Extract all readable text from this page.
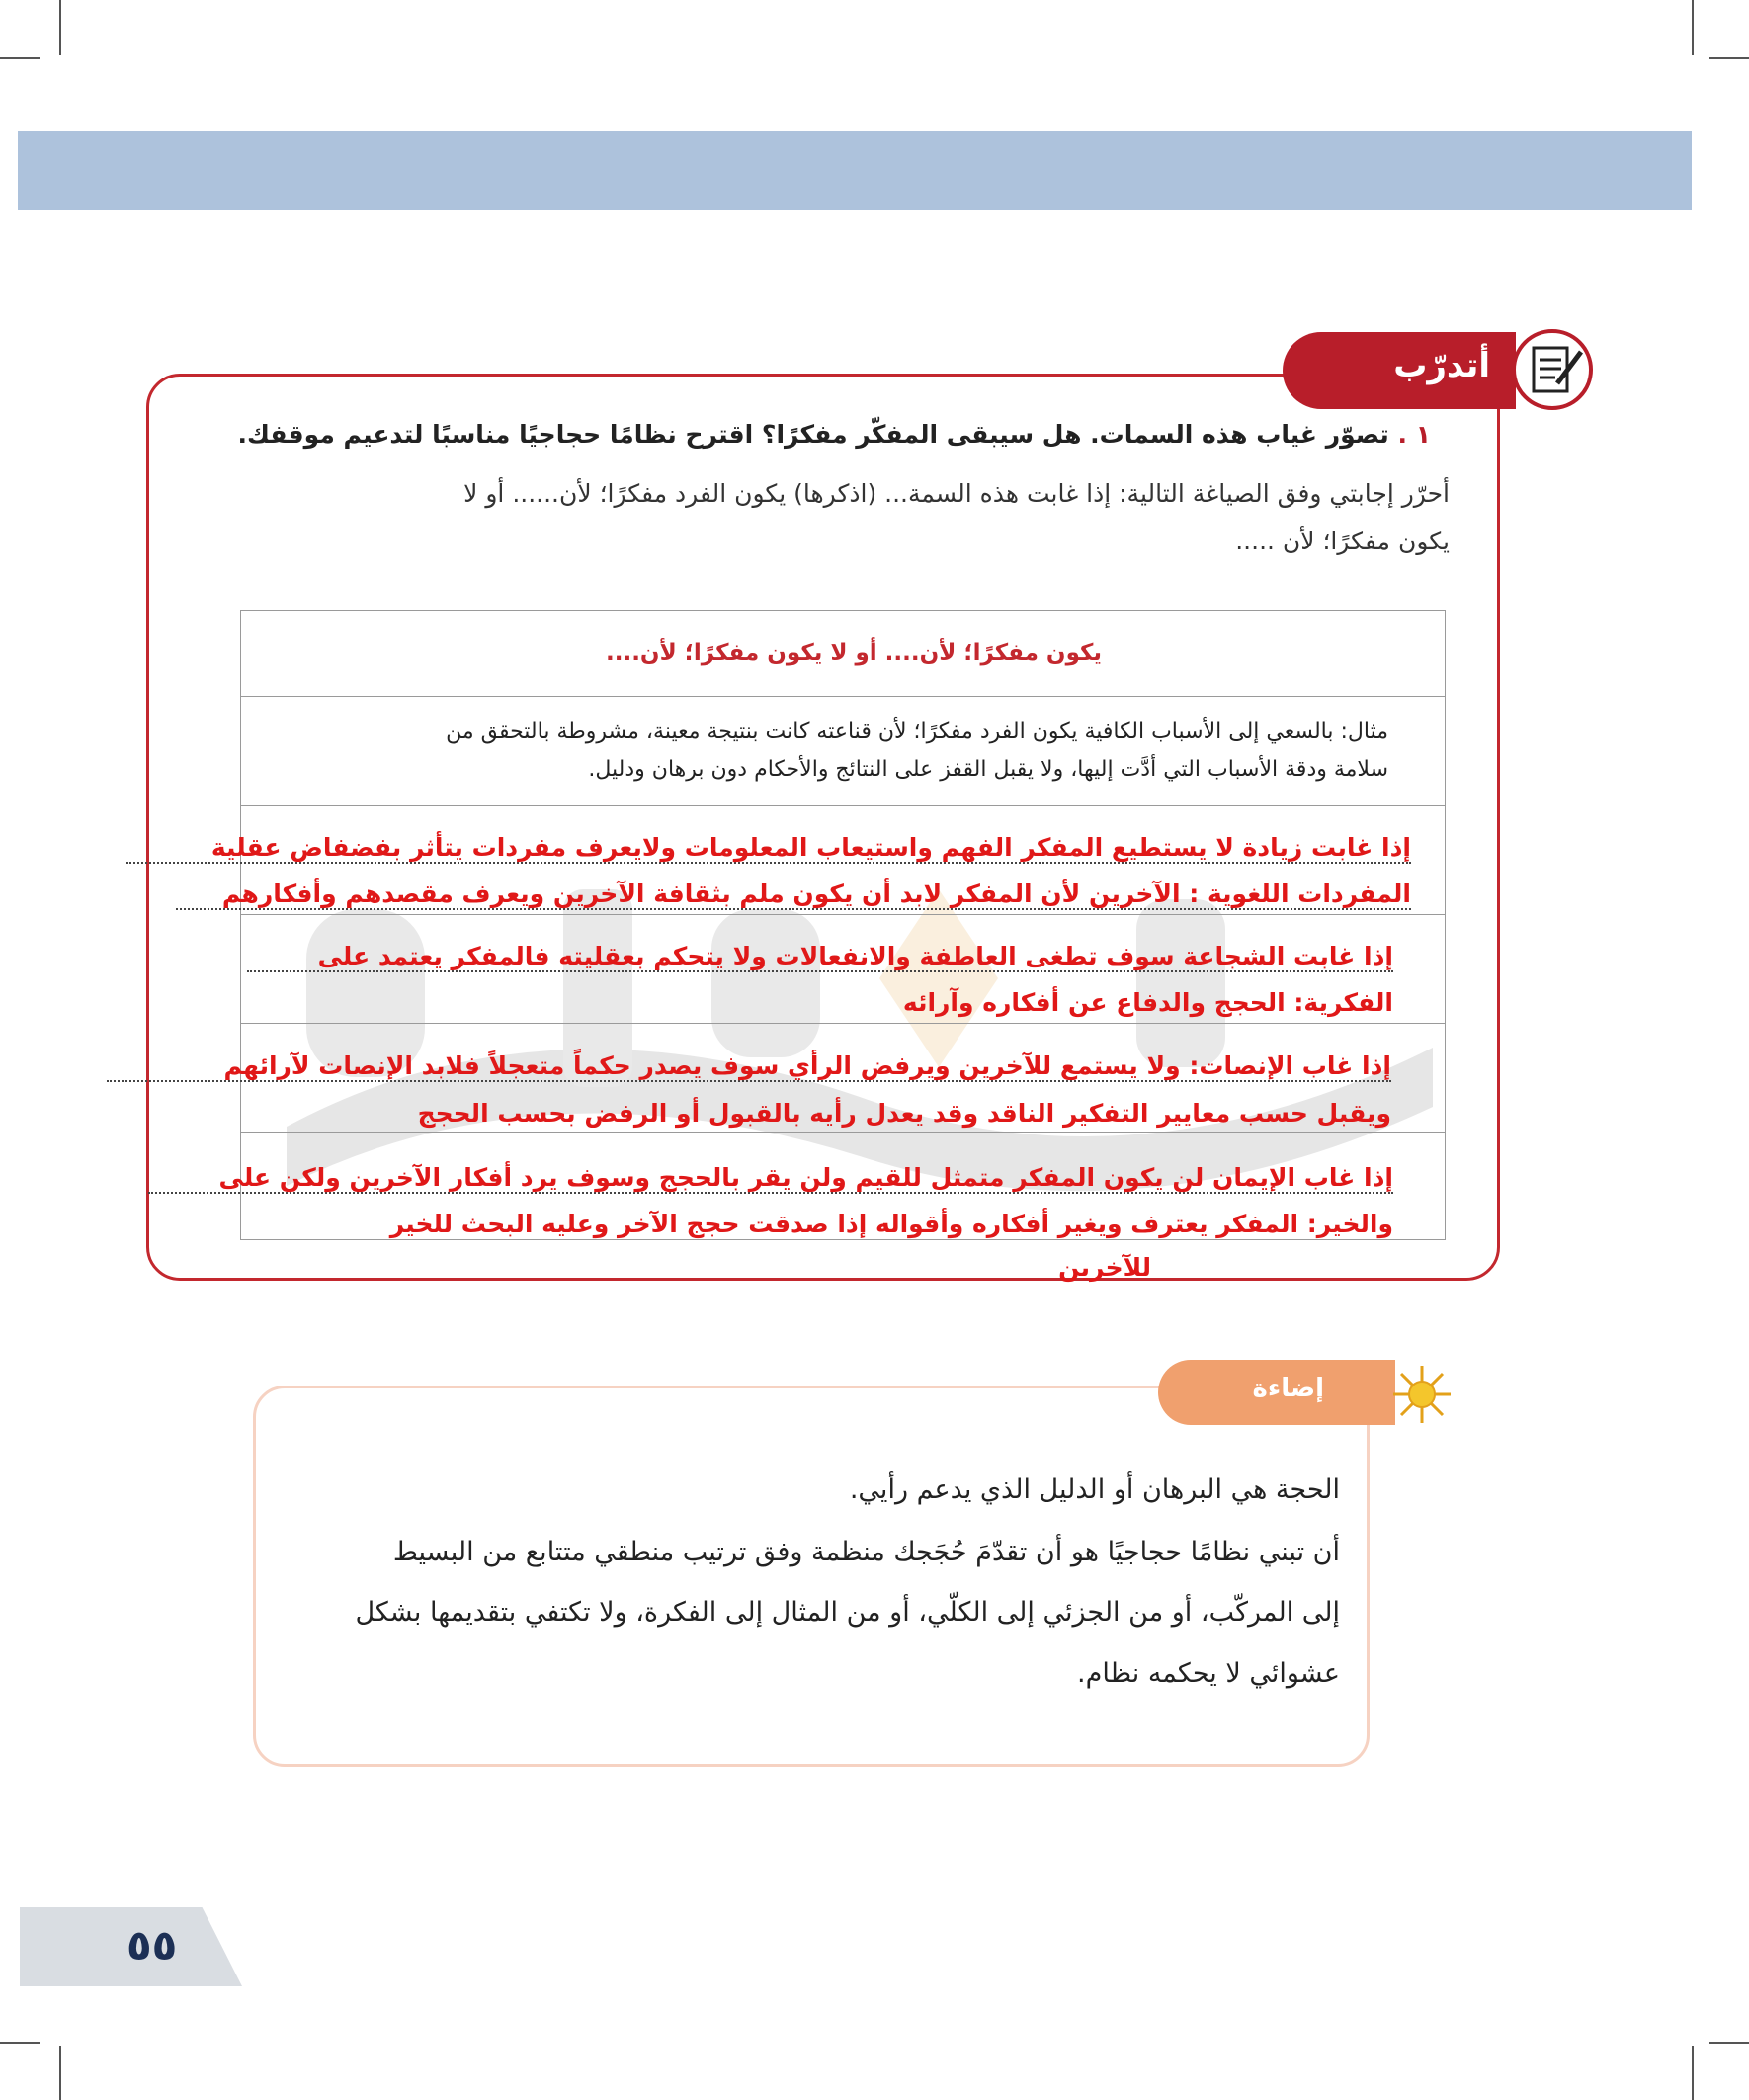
أتدرّب
١ . تصوّر غياب هذه السمات. هل سيبقى المفكّر مفكرًا؟ اقترح نظامًا حجاجيًا مناسبًا لتدعيم موقفك.
أحرّر إجابتي وفق الصياغة التالية: إذا غابت هذه السمة... (اذكرها) يكون الفرد مفكرًا؛ لأن...... أو لا
يكون مفكرًا؛ لأن .....
يكون مفكرًا؛ لأن.... أو لا يكون مفكرًا؛ لأن....
مثال: بالسعي إلى الأسباب الكافية يكون الفرد مفكرًا؛ لأن قناعته كانت بنتيجة معينة، مشروطة بالتحقق من
سلامة ودقة الأسباب التي أدَّت إليها، ولا يقبل القفز على النتائج والأحكام دون برهان ودليل.
إذا غابت زيادة لا يستطيع المفكر الفهم واستيعاب المعلومات ولايعرف مفردات يتأثر بفضفاض عقلية
المفردات اللغوية : الآخرين لأن المفكر لابد أن يكون ملم بثقافة الآخرين ويعرف مقصدهم وأفكارهم
إذا غابت الشجاعة سوف تطغى العاطفة والانفعالات ولا يتحكم بعقليته فالمفكر يعتمد على
الفكرية: الحجج والدفاع عن أفكاره وآرائه
إذا غاب الإنصات: ولا يستمع للآخرين ويرفض الرأي سوف يصدر حكماً متعجلاً فلابد الإنصات لآرائهم
ويقبل حسب معايير التفكير الناقد وقد يعدل رأيه بالقبول أو الرفض بحسب الحجج
إذا غاب الإيمان لن يكون المفكر متمثل للقيم ولن يقر بالحجج وسوف يرد أفكار الآخرين ولكن على
والخير: المفكر يعترف ويغير أفكاره وأقواله إذا صدقت حجج الآخر وعليه البحث للخير
للآخرين
إضاءة
الحجة هي البرهان أو الدليل الذي يدعم رأيي.
أن تبني نظامًا حجاجيًا هو أن تقدّمَ حُجَجك منظمة وفق ترتيب منطقي متتابع من البسيط
إلى المركّب، أو من الجزئي إلى الكلّي، أو من المثال إلى الفكرة، ولا تكتفي بتقديمها بشكل
عشوائي لا يحكمه نظام.
٥٥
